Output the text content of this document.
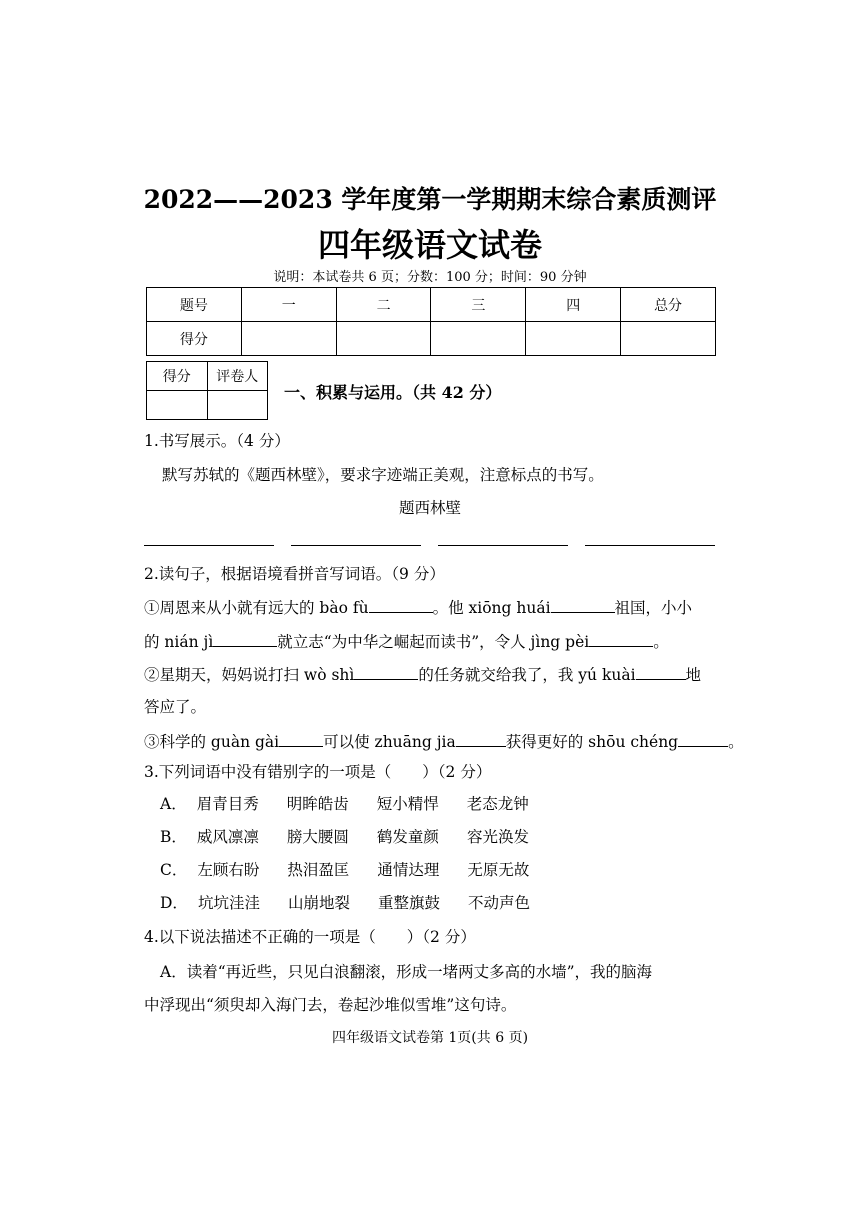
2022——2023 学年度第一学期期末综合素质测评
四年级语文试卷
说明：本试卷共 6 页；分数：100 分；时间：90 分钟
题号	一	二	三	四	总分
得分					
得分	评卷人

一、积累与运用。（共 42 分）
1.书写展示。（4 分）
默写苏轼的《题西林壁》，要求字迹端正美观，注意标点的书写。
题西林壁
2.读句子，根据语境看拼音写词语。（9 分）
①周恩来从小就有远大的 bào fù	。他 xiōng huái	祖国，小小
的 nián jì	就立志“为中华之崛起而读书”，令人 jìng pèi	。
②星期天，妈妈说打扫 wò shì	的任务就交给我了，我 yú kuài	地
答应了。
③科学的 guàn gài	可以使 zhuāng jia	获得更好的 shōu chéng	。
3.下列词语中没有错别字的一项是（　　）（2 分）
A． 眉青目秀 明眸皓齿 短小精悍 老态龙钟
B． 威风凛凛 膀大腰圆 鹤发童颜 容光涣发
C． 左顾右盼 热泪盈匡 通情达理 无原无故
D． 坑坑洼洼 山崩地裂 重整旗鼓 不动声色
4.以下说法描述不正确的一项是（　　）（2 分）
A．读着“再近些，只见白浪翻滚，形成一堵两丈多高的水墙”，我的脑海
中浮现出“须臾却入海门去，卷起沙堆似雪堆”这句诗。
四年级语文试卷第 1页(共 6 页)
